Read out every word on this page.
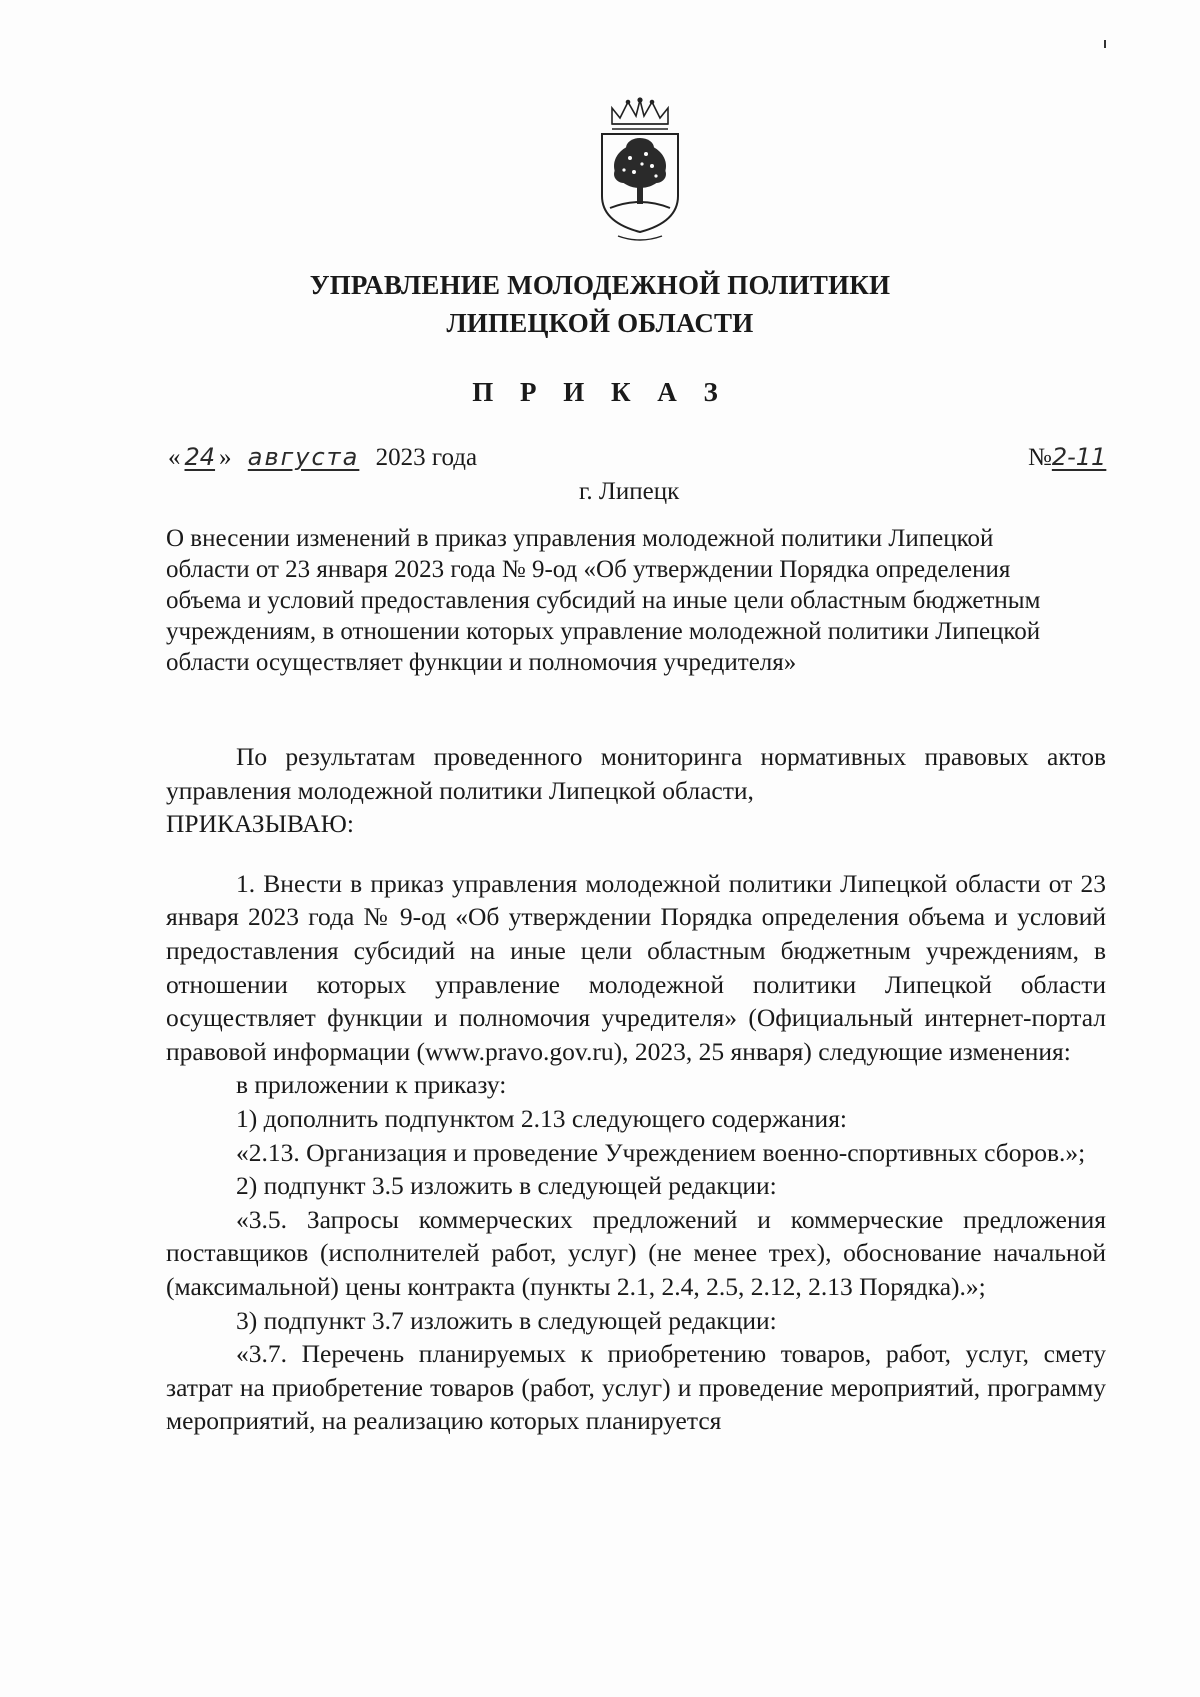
УПРАВЛЕНИЕ МОЛОДЕЖНОЙ ПОЛИТИКИ
ЛИПЕЦКОЙ ОБЛАСТИ
П Р И К А З
« 24 » августа 2023 года	№2-11
г. Липецк
О внесении изменений в приказ управления молодежной политики Липецкой области от 23 января 2023 года № 9-од «Об утверждении Порядка определения объема и условий предоставления субсидий на иные цели областным бюджетным учреждениям, в отношении которых управление молодежной политики Липецкой области осуществляет функции и полномочия учредителя»

По результатам проведенного мониторинга нормативных правовых актов управления молодежной политики Липецкой области,

ПРИКАЗЫВАЮ:

1. Внести в приказ управления молодежной политики Липецкой области от 23 января 2023 года № 9-од «Об утверждении Порядка определения объема и условий предоставления субсидий на иные цели областным бюджетным учреждениям, в отношении которых управление молодежной политики Липецкой области осуществляет функции и полномочия учредителя» (Официальный интернет-портал правовой информации (www.pravo.gov.ru), 2023, 25 января) следующие изменения:

в приложении к приказу:

1) дополнить подпунктом 2.13 следующего содержания:

«2.13. Организация и проведение Учреждением военно-спортивных сборов.»;

2) подпункт 3.5 изложить в следующей редакции:

«3.5. Запросы коммерческих предложений и коммерческие предложения поставщиков (исполнителей работ, услуг) (не менее трех), обоснование начальной (максимальной) цены контракта (пункты 2.1, 2.4, 2.5, 2.12, 2.13 Порядка).»;

3) подпункт 3.7 изложить в следующей редакции:

«3.7. Перечень планируемых к приобретению товаров, работ, услуг, смету затрат на приобретение товаров (работ, услуг) и проведение мероприятий, программу мероприятий, на реализацию которых планируется
